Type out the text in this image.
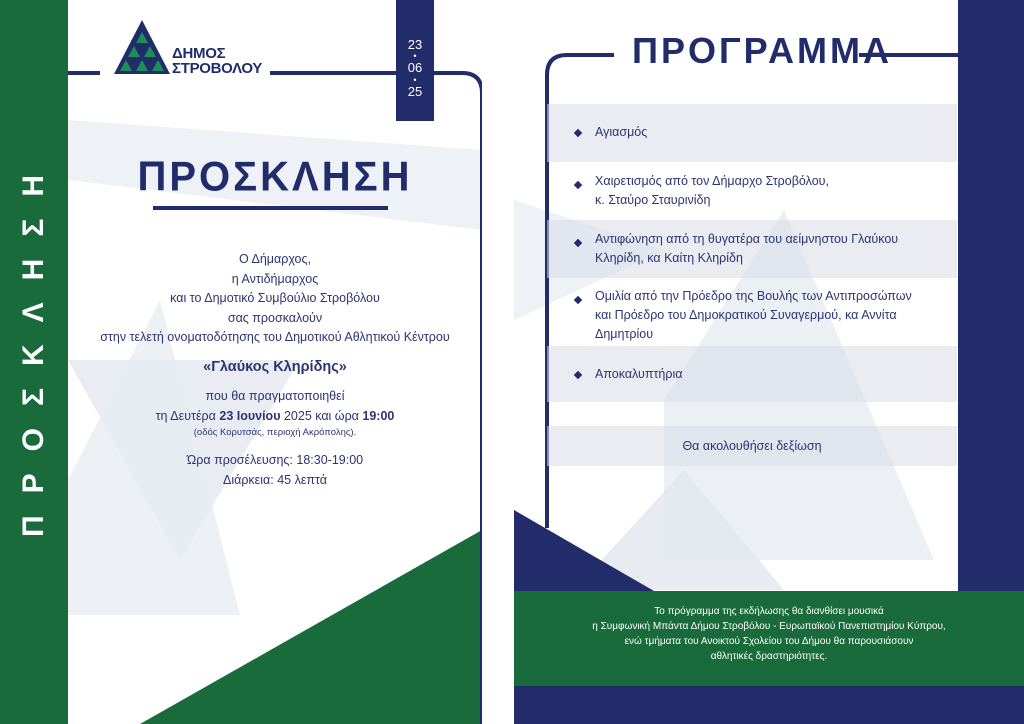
ΠΡΟΣΚΛΗΣΗ
ΔΗΜΟΣ
ΣΤΡΟΒΟΛΟΥ
23
•
06
•
25
ΠΡΟΣΚΛΗΣΗ
Ο Δήμαρχος,
η Αντιδήμαρχος
και το Δημοτικό Συμβούλιο Στροβόλου
σας προσκαλούν
στην τελετή ονοματοδότησης του Δημοτικού Αθλητικού Κέντρου
«Γλαύκος Κληρίδης»
που θα πραγματοποιηθεί
τη Δευτέρα 23 Ιουνίου 2025 και ώρα 19:00
(οδός Κορυτσάς, περιοχή Ακρόπολης).
Ώρα προσέλευσης: 18:30-19:00
Διάρκεια: 45 λεπτά
ΠΡΟΓΡΑΜΜΑ
Αγιασμός
Χαιρετισμός από τον Δήμαρχο Στροβόλου,
κ. Σταύρο Σταυρινίδη
Αντιφώνηση από τη θυγατέρα του αείμνηστου Γλαύκου
Κληρίδη, κα Καίτη Κληρίδη
Ομιλία από την Πρόεδρο της Βουλής των Αντιπροσώπων
και Πρόεδρο του Δημοκρατικού Συναγερμού, κα Αννίτα
Δημητρίου
Αποκαλυπτήρια
Θα ακολουθήσει δεξίωση
Το πρόγραμμα της εκδήλωσης θα διανθίσει μουσικά
η Συμφωνική Μπάντα Δήμου Στροβόλου - Ευρωπαϊκού Πανεπιστημίου Κύπρου,
ενώ τμήματα του Ανοικτού Σχολείου του Δήμου θα παρουσιάσουν
αθλητικές δραστηριότητες.
